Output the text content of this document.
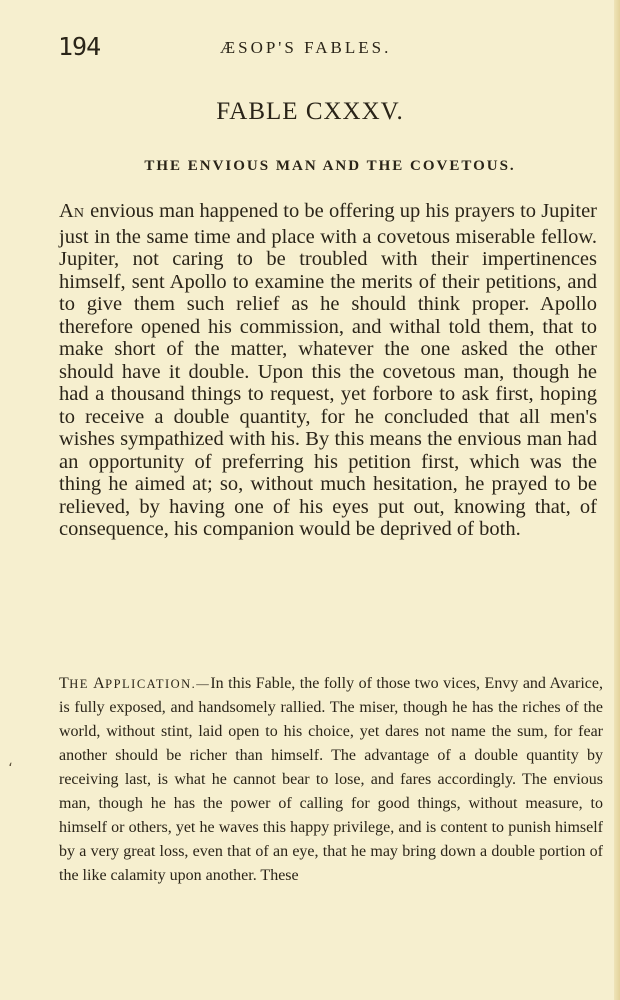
194	ÆSOP'S FABLES.
FABLE CXXXV.
THE ENVIOUS MAN AND THE COVETOUS.

AN envious man happened to be offering up his prayers to Jupiter just in the same time and place with a covetous miserable fellow. Jupiter, not caring to be troubled with their impertinences himself, sent Apollo to examine the merits of their petitions, and to give them such relief as he should think proper. Apollo therefore opened his commission, and withal told them, that to make short of the matter, whatever the one asked the other should have it double. Upon this the covetous man, though he had a thousand things to request, yet forbore to ask first, hoping to receive a double quantity, for he concluded that all men's wishes sympathized with his. By this means the envious man had an opportunity of preferring his petition first, which was the thing he aimed at; so, without much hesitation, he prayed to be relieved, by having one of his eyes put out, knowing that, of consequence, his companion would be deprived of both.

،

THE APPLICATION.—In this Fable, the folly of those two vices, Envy and Avarice, is fully exposed, and handsomely rallied. The miser, though he has the riches of the world, without stint, laid open to his choice, yet dares not name the sum, for fear another should be richer than himself. The advantage of a double quantity by receiving last, is what he cannot bear to lose, and fares accordingly. The envious man, though he has the power of calling for good things, without measure, to himself or others, yet he waves this happy privilege, and is content to punish himself by a very great loss, even that of an eye, that he may bring down a double portion of the like calamity upon another. These
